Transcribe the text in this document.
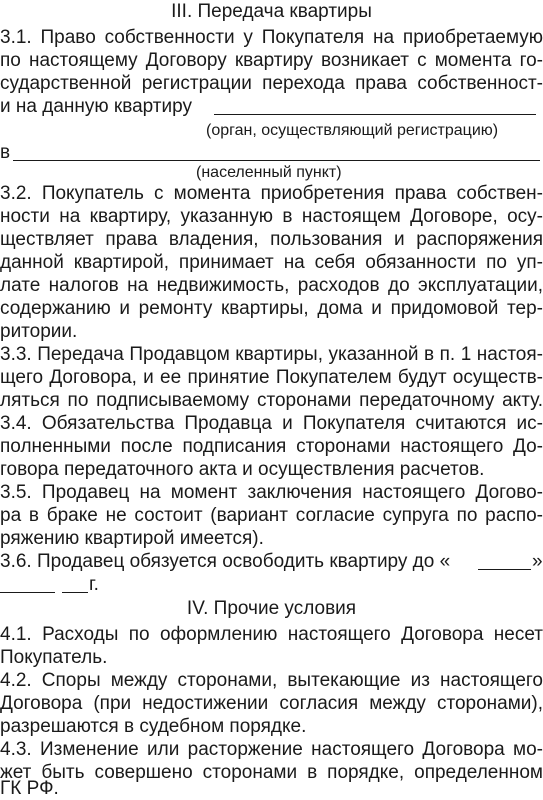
III. Передача квартиры
3.1. Право собственности у Покупателя на приобретаемую
по настоящему Договору квартиру возникает с момента го-
сударственной регистрации перехода права собственност-
и на данную квартиру
(орган, осуществляющий регистрацию)
в
(населенный пункт)
3.2. Покупатель с момента приобретения права собствен-
ности на квартиру, указанную в настоящем Договоре, осу-
ществляет права владения, пользования и распоряжения
данной квартирой, принимает на себя обязанности по уп-
лате налогов на недвижимость, расходов до эксплуатации,
содержанию и ремонту квартиры, дома и придомовой тер-
ритории.
3.3. Передача Продавцом квартиры, указанной в п. 1 настоя-
щего Договора, и ее принятие Покупателем будут осуществ-
ляться по подписываемому сторонами передаточному акту.
3.4. Обязательства Продавца и Покупателя считаются ис-
полненными после подписания сторонами настоящего До-
говора передаточного акта и осуществления расчетов.
3.5. Продавец на момент заключения настоящего Догово-
ра в браке не состоит (вариант согласие супруга по распо-
ряжению квартирой имеется).
3.6. Продавец обязуется освободить квартиру до «	»
г.
IV. Прочие условия
4.1. Расходы по оформлению настоящего Договора несет
Покупатель.
4.2. Споры между сторонами, вытекающие из настоящего
Договора (при недостижении согласия между сторонами),
разрешаются в судебном порядке.
4.3. Изменение или расторжение настоящего Договора мо-
жет быть совершено сторонами в порядке, определенном
ГК РФ.
